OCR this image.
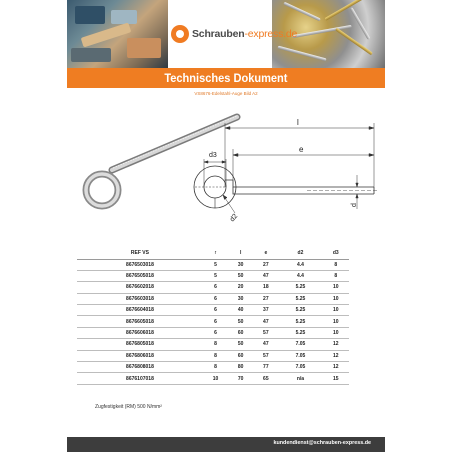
Schrauben-express.de
Technisches Dokument
VS8676-Edelstahl-Auge Bild A2
l
e
d3
d2
d
REF VS	r	l	e	d2	d3
8676503018	5	30	27	4.4	8
8676505018	5	50	47	4.4	8
8676602018	6	20	18	5.25	10
8676603018	6	30	27	5.25	10
8676604018	6	40	37	5.25	10
8676605018	6	50	47	5.25	10
8676606018	6	60	57	5.25	10
8676805018	8	50	47	7.05	12
8676806018	8	60	57	7.05	12
8676808018	8	80	77	7.05	12
8676107018	10	70	65	n/a	15
Zugfestigkeit (RM) 500 N/mm²
kundendienst@schrauben-express.de
